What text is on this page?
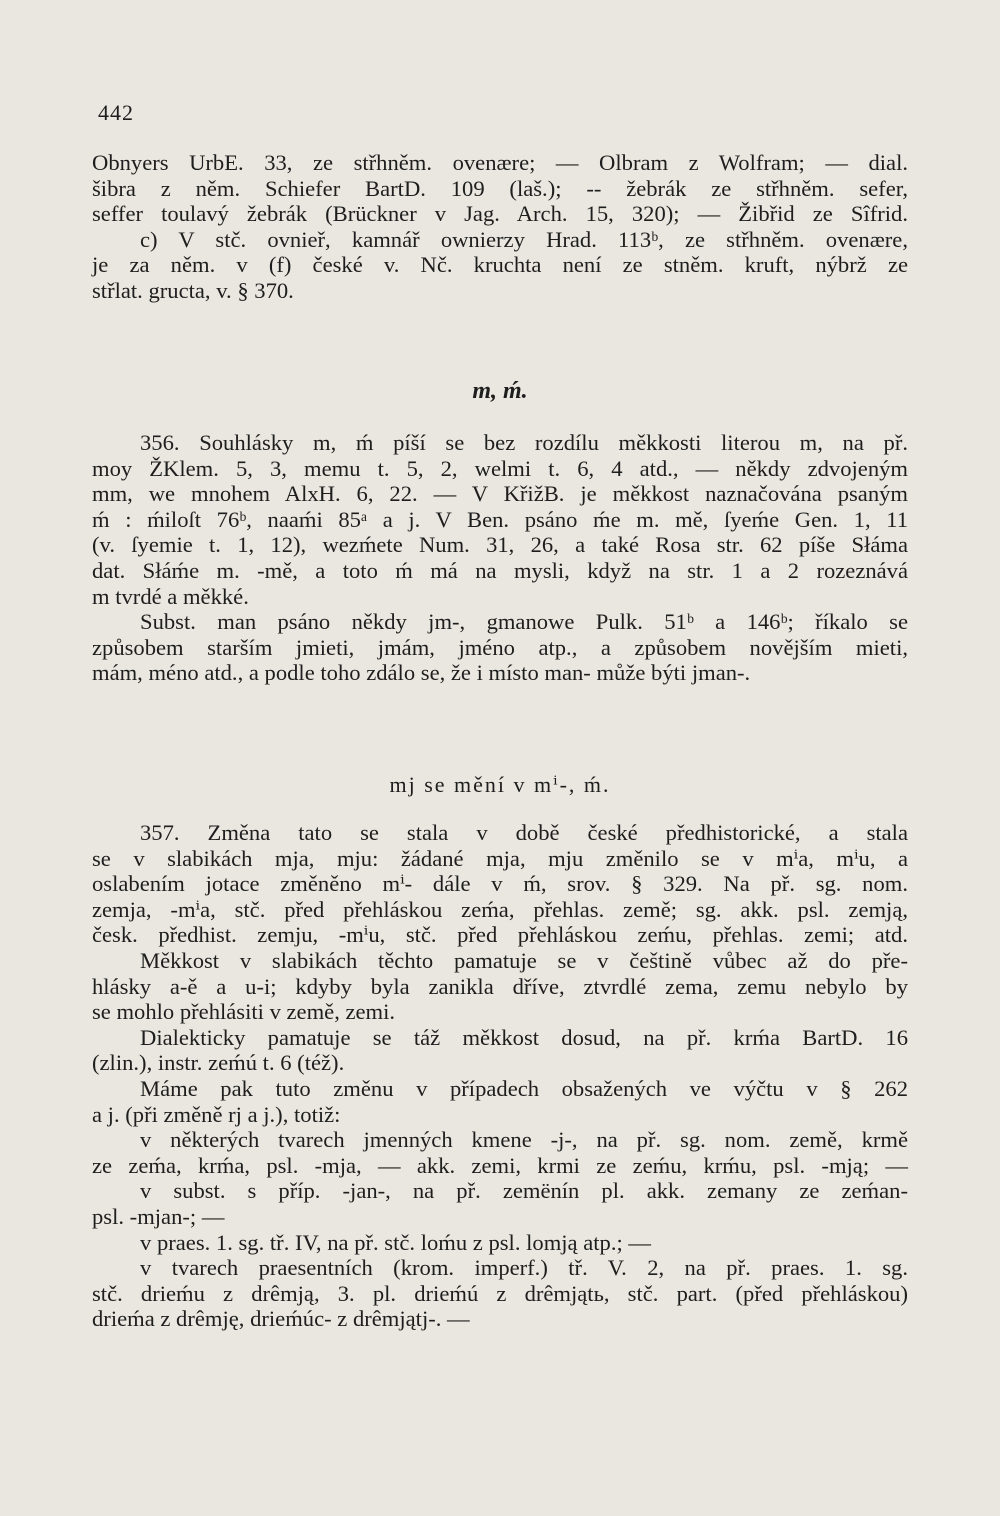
442
Obnyers UrbE. 33, ze střhněm. ovenære; — Olbram z Wolfram; — dial.
šibra z něm. Schiefer BartD. 109 (laš.); -- žebrák ze střhněm. sefer,
seffer toulavý žebrák (Brückner v Jag. Arch. 15, 320); — Žibřid ze Sîfrid.
c) V stč. ovnieř, kamnář ownierzy Hrad. 113ᵇ, ze střhněm. ovenære,
je za něm. v (f) české v. Nč. kruchta není ze stněm. kruft, nýbrž ze
střlat. gructa, v. § 370.
m, ḿ.
356. Souhlásky m, ḿ píší se bez rozdílu měkkosti literou m, na př.
moy ŽKlem. 5, 3, memu t. 5, 2, welmi t. 6, 4 atd., — někdy zdvojeným
mm, we mnohem AlxH. 6, 22. — V KřižB. je měkkost naznačována psaným
ḿ : ḿiloſt 76ᵇ, naaḿi 85ᵃ a j. V Ben. psáno ḿe m. mě, ſyeḿe Gen. 1, 11
(v. ſyemie t. 1, 12), wezḿete Num. 31, 26, a také Rosa str. 62 píše Słáma
dat. Słáḿe m. -mě, a toto ḿ má na mysli, když na str. 1 a 2 rozeznává
m tvrdé a měkké.
Subst. man psáno někdy jm-, gmanowe Pulk. 51ᵇ a 146ᵇ; říkalo se
způsobem starším jmieti, jmám, jméno atp., a způsobem novějším mieti,
mám, méno atd., a podle toho zdálo se, že i místo man- může býti jman-.
mj se mění v mⁱ-, ḿ.
357. Změna tato se stala v době české předhistorické, a stala
se v slabikách mja, mju: žádané mja, mju změnilo se v mⁱa, mⁱu, a
oslabením jotace změněno mⁱ- dále v ḿ, srov. § 329. Na př. sg. nom.
zemja, -mⁱa, stč. před přehláskou zeḿa, přehlas. země; sg. akk. psl. zemją,
česk. předhist. zemju, -mⁱu, stč. před přehláskou zeḿu, přehlas. zemi; atd.
Měkkost v slabikách těchto pamatuje se v češtině vůbec až do pře-
hlásky a-ě a u-i; kdyby byla zanikla dříve, ztvrdlé zema, zemu nebylo by
se mohlo přehlásiti v země, zemi.
Dialekticky pamatuje se táž měkkost dosud, na př. krḿa BartD. 16
(zlin.), instr. zeḿú t. 6 (též).
Máme pak tuto změnu v případech obsažených ve výčtu v § 262
a j. (při změně rj a j.), totiž:
v některých tvarech jmenných kmene -j-, na př. sg. nom. země, krmě
ze zeḿa, krḿa, psl. -mja, — akk. zemi, krmi ze zeḿu, krḿu, psl. -mją; —
v subst. s příp. -jan-, na př. zemënín pl. akk. zemany ze zeḿan-
psl. -mjan-; —
v praes. 1. sg. tř. IV, na př. stč. loḿu z psl. lomją atp.; —
v tvarech praesentních (krom. imperf.) tř. V. 2, na př. praes. 1. sg.
stč. drieḿu z drêmją, 3. pl. drieḿú z drêmjątь, stč. part. (před přehláskou)
drieḿa z drêmję, drieḿúc- z drêmjątj-. —
